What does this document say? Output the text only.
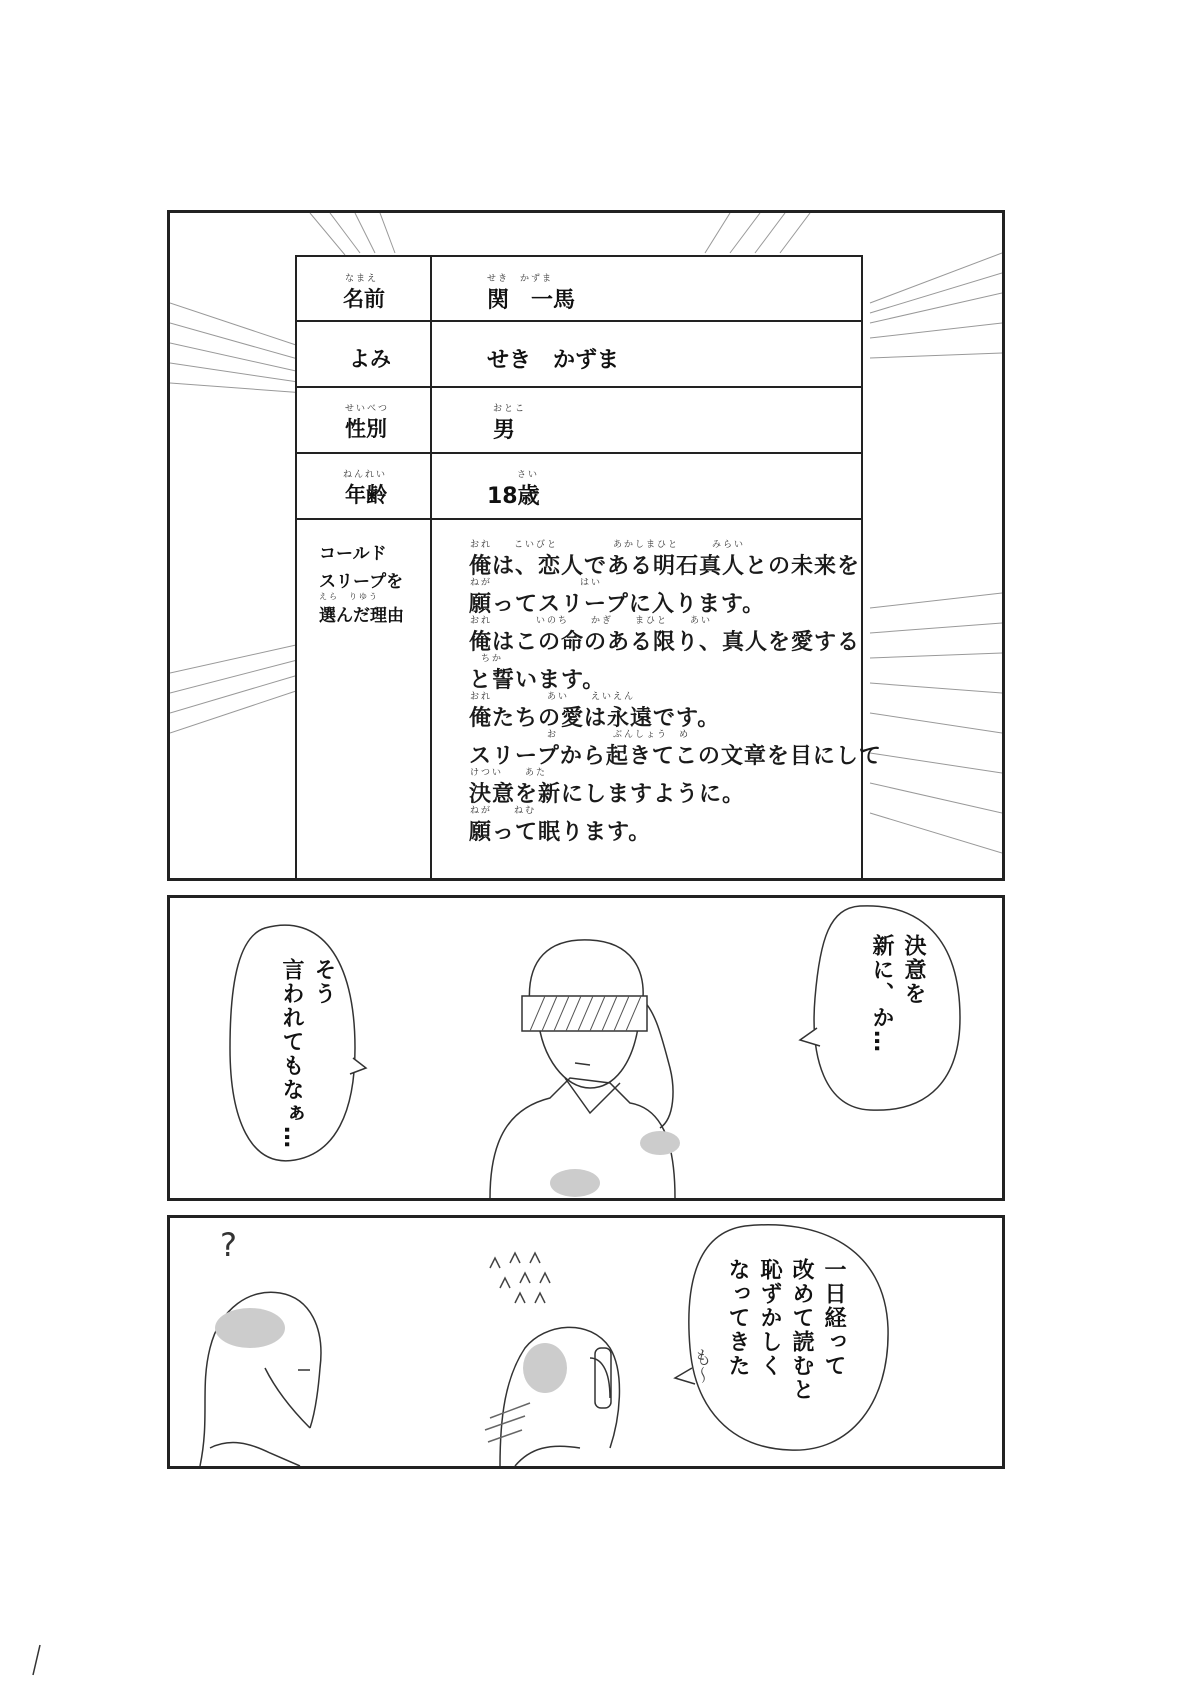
なまえ
名前
せき　かずま
関　一馬
よみ	せき　かずま
せいべつ
性別
おとこ
男
ねんれい
年齢
さい
18歳
コールド
スリープを
えら　りゆう
選んだ理由
おれ　　こいびと　　　　　あかしまひと　　　みらい
俺は、恋人である明石真人との未来を
ねが　　　　　　　　はい
願ってスリープに入ります。
おれ　　　　いのち　　かぎ　　まひと　　あい
俺はこの命のある限り、真人を愛する
　ちか
と誓います。
おれ　　　　　あい　　えいえん
俺たちの愛は永遠です。
　　　　　　　お　　　　　ぶんしょう　め
スリープから起きてこの文章を目にして
けつい　　あた
決意を新にしますように。
ねが　　ねむ
願って眠ります。
そう
言われてもなぁ…	決意を
新に、か…
?
一日経って
改めて読むと
恥ずかしく
なってきた
も～
